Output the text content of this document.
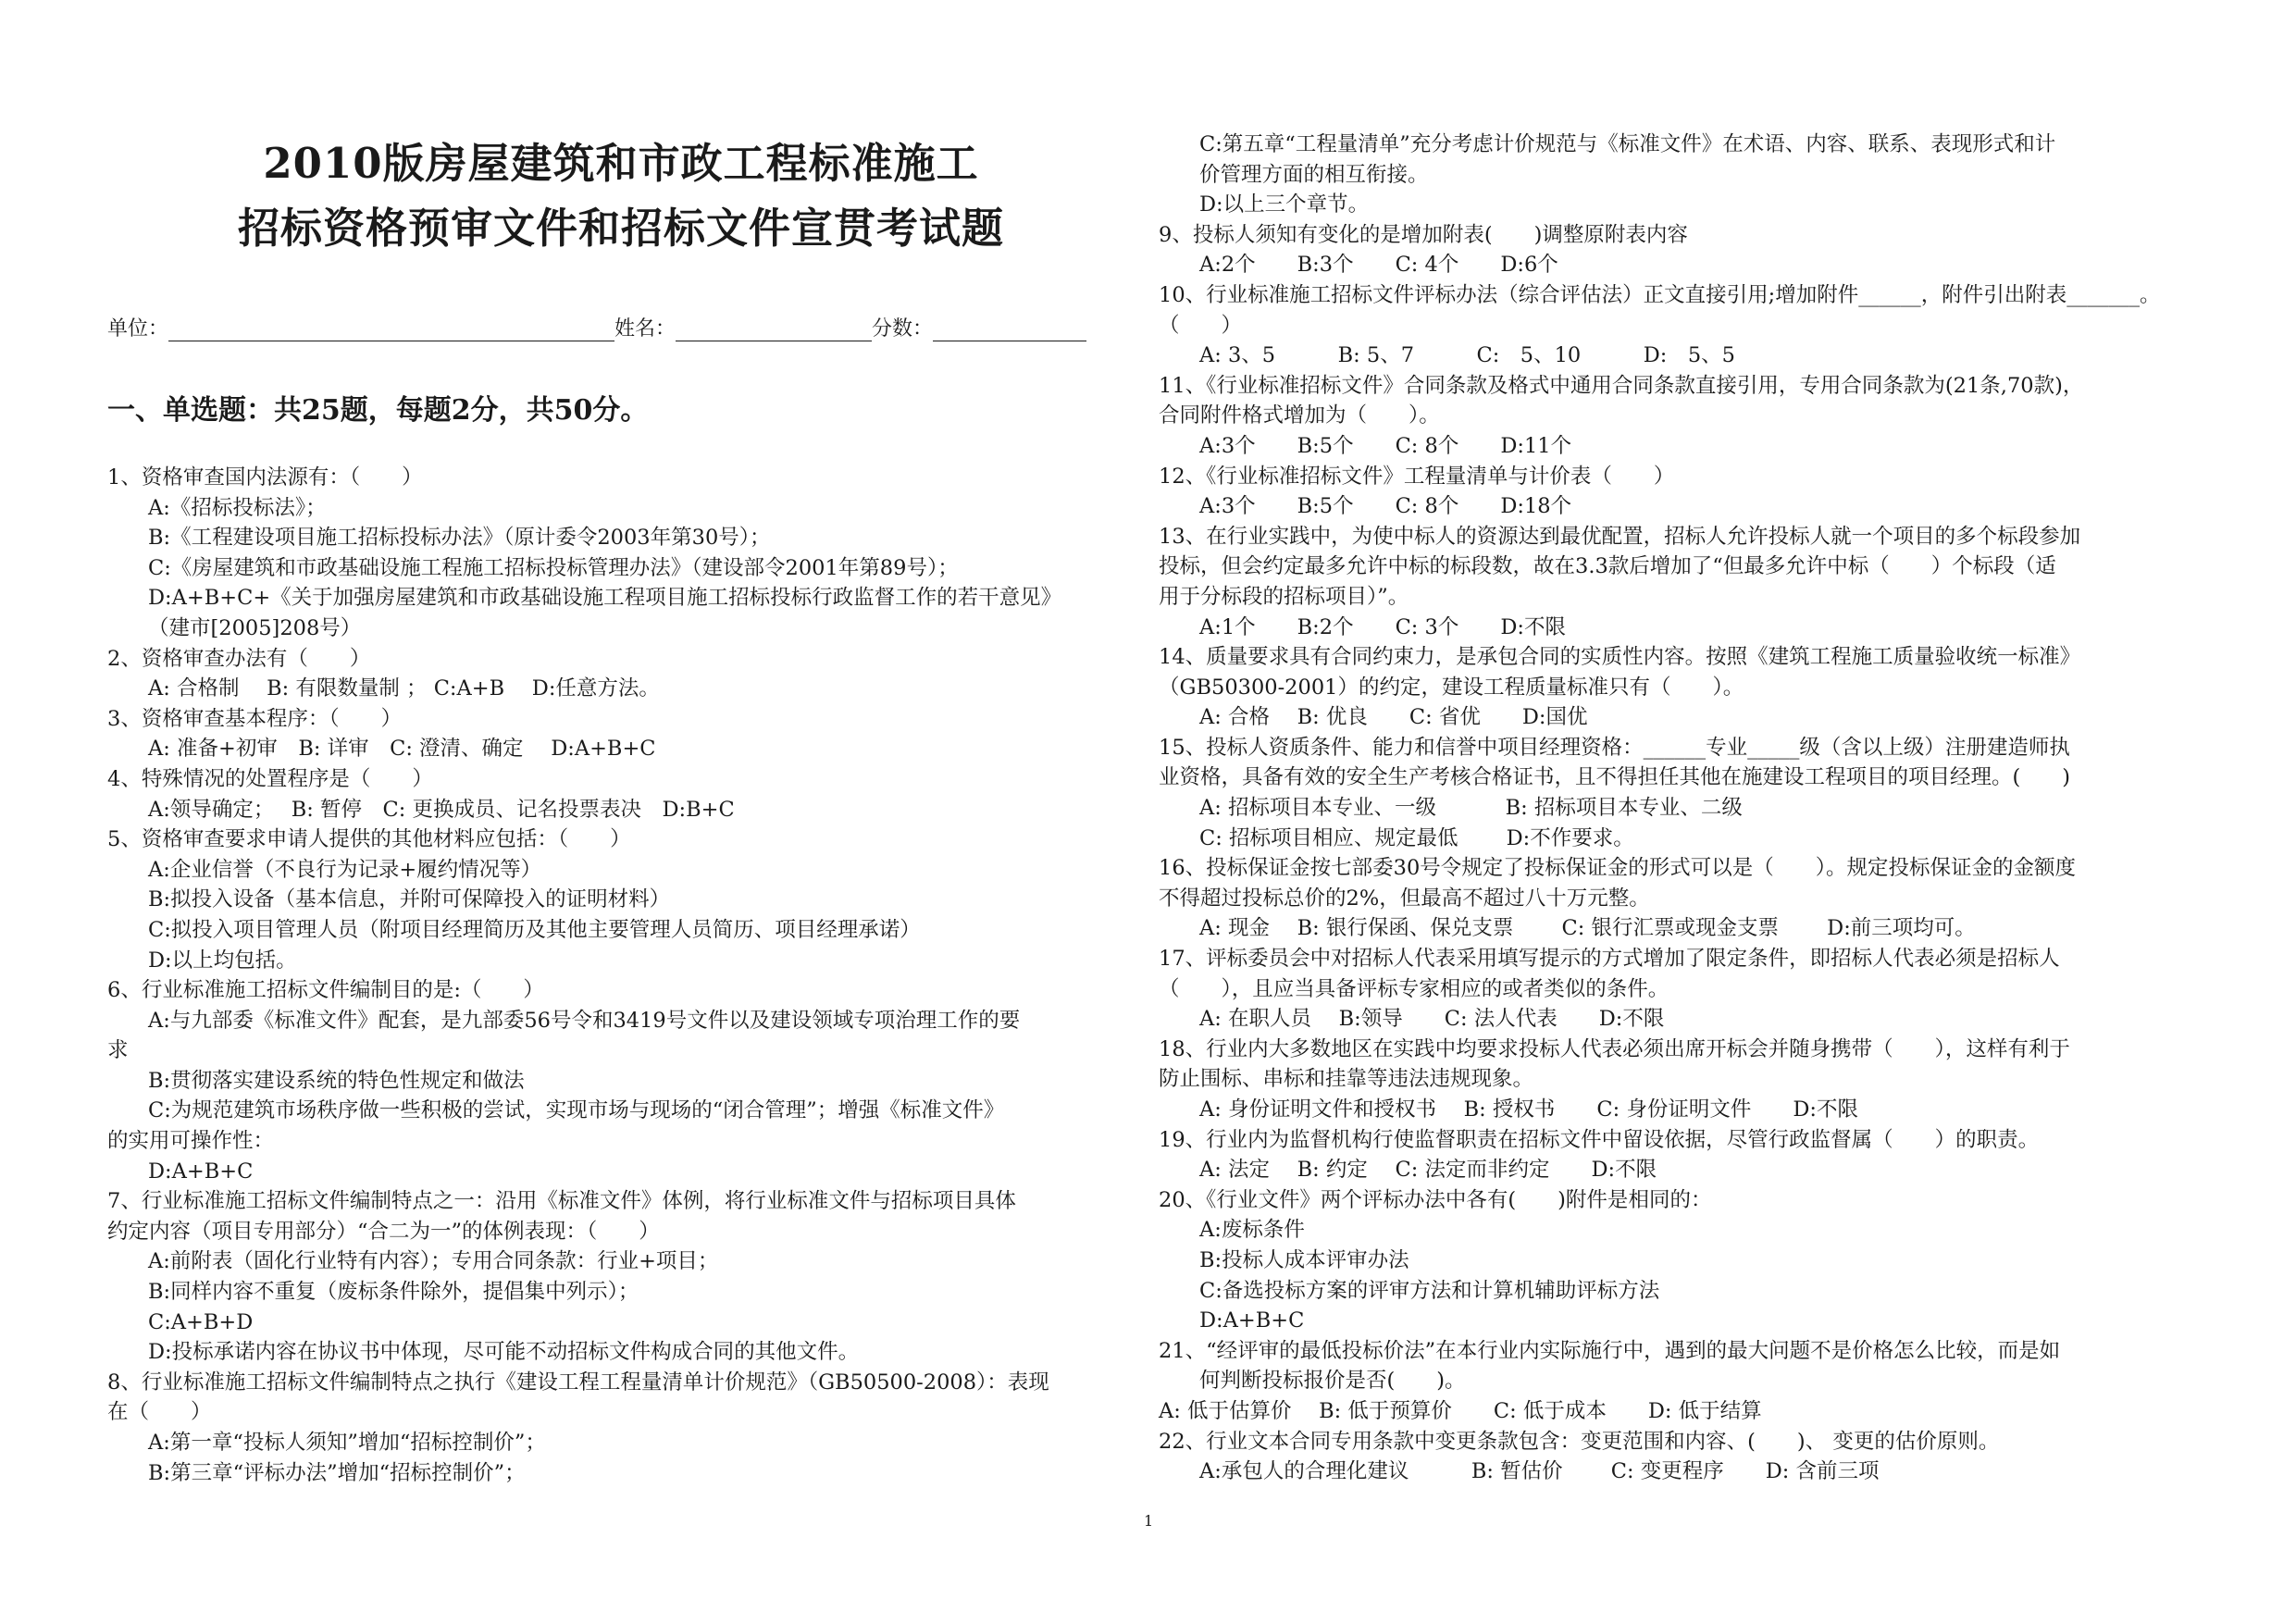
2010版房屋建筑和市政工程标准施工
招标资格预审文件和招标文件宣贯考试题
单位：	姓名：	分数：
一、单选题：共25题，每题2分，共50分。

1、资格审查国内法源有：（　　）

A:《招标投标法》；

B:《工程建设项目施工招标投标办法》（原计委令2003年第30号）；

C:《房屋建筑和市政基础设施工程施工招标投标管理办法》（建设部令2001年第89号）；

D:A+B+C+《关于加强房屋建筑和市政基础设施工程项目施工招标投标行政监督工作的若干意见》

（建市[2005]208号）

2、资格审查办法有（　　）

A: 合格制　 B: 有限数量制 ； C:A+B　 D:任意方法。

3、资格审查基本程序：（　　）

A: 准备+初审　B: 详审　C: 澄清、确定　 D:A+B+C

4、特殊情况的处置程序是（　　）

A:领导确定；　 B: 暂停　C: 更换成员、记名投票表决　D:B+C

5、资格审查要求申请人提供的其他材料应包括：（　　）

A:企业信誉（不良行为记录+履约情况等）

B:拟投入设备（基本信息，并附可保障投入的证明材料）

C:拟投入项目管理人员（附项目经理简历及其他主要管理人员简历、项目经理承诺）

D:以上均包括。

6、行业标准施工招标文件编制目的是:（　　）

A:与九部委《标准文件》配套，是九部委56号令和3419号文件以及建设领域专项治理工作的要

求

B:贯彻落实建设系统的特色性规定和做法

C:为规范建筑市场秩序做一些积极的尝试，实现市场与现场的“闭合管理”；增强《标准文件》

的实用可操作性：

D:A+B+C

7、行业标准施工招标文件编制特点之一：沿用《标准文件》体例，将行业标准文件与招标项目具体

约定内容（项目专用部分）“合二为一”的体例表现：（　　）

A:前附表（固化行业特有内容）；专用合同条款：行业+项目；

B:同样内容不重复（废标条件除外，提倡集中列示）；

C:A+B+D

D:投标承诺内容在协议书中体现，尽可能不动招标文件构成合同的其他文件。

8、行业标准施工招标文件编制特点之执行《建设工程工程量清单计价规范》（GB50500-2008）：表现

在（　　）

A:第一章“投标人须知”增加“招标控制价”；

B:第三章“评标办法”增加“招标控制价”；

C:第五章“工程量清单”充分考虑计价规范与《标准文件》在术语、内容、联系、表现形式和计

价管理方面的相互衔接。

D:以上三个章节。

9、投标人须知有变化的是增加附表(　　)调整原附表内容

A:2个　　B:3个　　C: 4个　　D:6个

10、行业标准施工招标文件评标办法（综合评估法）正文直接引用;增加附件______，附件引出附表_______。

（　　）

A: 3、5　　　B: 5、7　　　C:　5、10　　　D:　5、5

11、《行业标准招标文件》合同条款及格式中通用合同条款直接引用，专用合同条款为(21条,70款)，

合同附件格式增加为（　　）。

A:3个　　B:5个　　C: 8个　　D:11个

12、《行业标准招标文件》工程量清单与计价表（　　）

A:3个　　B:5个　　C: 8个　　D:18个

13、在行业实践中，为使中标人的资源达到最优配置，招标人允许投标人就一个项目的多个标段参加

投标，但会约定最多允许中标的标段数，故在3.3款后增加了“但最多允许中标（　　）个标段（适

用于分标段的招标项目）”。

A:1个　　B:2个　　C: 3个　　D:不限

14、质量要求具有合同约束力，是承包合同的实质性内容。按照《建筑工程施工质量验收统一标准》

（GB50300-2001）的约定，建设工程质量标准只有（　　）。

A: 合格　 B: 优良　　C: 省优　　D:国优

15、投标人资质条件、能力和信誉中项目经理资格：______专业_____级（含以上级）注册建造师执

业资格，具备有效的安全生产考核合格证书，且不得担任其他在施建设工程项目的项目经理。(　　)

A: 招标项目本专业、一级　　　 B: 招标项目本专业、二级

C: 招标项目相应、规定最低　　 D:不作要求。

16、投标保证金按七部委30号令规定了投标保证金的形式可以是（　　）。规定投标保证金的金额度

不得超过投标总价的2%，但最高不超过八十万元整。

A: 现金　 B: 银行保函、保兑支票　　 C: 银行汇票或现金支票　　 D:前三项均可。

17、评标委员会中对招标人代表采用填写提示的方式增加了限定条件，即招标人代表必须是招标人

（　　），且应当具备评标专家相应的或者类似的条件。

A: 在职人员　 B:领导　　C: 法人代表　　D:不限

18、行业内大多数地区在实践中均要求投标人代表必须出席开标会并随身携带（　　），这样有利于

防止围标、串标和挂靠等违法违规现象。

A: 身份证明文件和授权书　 B: 授权书　　C: 身份证明文件　　D:不限

19、行业内为监督机构行使监督职责在招标文件中留设依据，尽管行政监督属（　　）的职责。

A: 法定　 B: 约定　 C: 法定而非约定　　D:不限

20、《行业文件》两个评标办法中各有(　　)附件是相同的：

A:废标条件

B:投标人成本评审办法

C:备选投标方案的评审方法和计算机辅助评标方法

D:A+B+C

21、“经评审的最低投标价法”在本行业内实际施行中，遇到的最大问题不是价格怎么比较，而是如

何判断投标报价是否(　　)。

A: 低于估算价　 B: 低于预算价　　C: 低于成本　　D: 低于结算

22、行业文本合同专用条款中变更条款包含：变更范围和内容、(　　)、 变更的估价原则。

A:承包人的合理化建议　　　B: 暂估价　　 C: 变更程序　　D: 含前三项

1
